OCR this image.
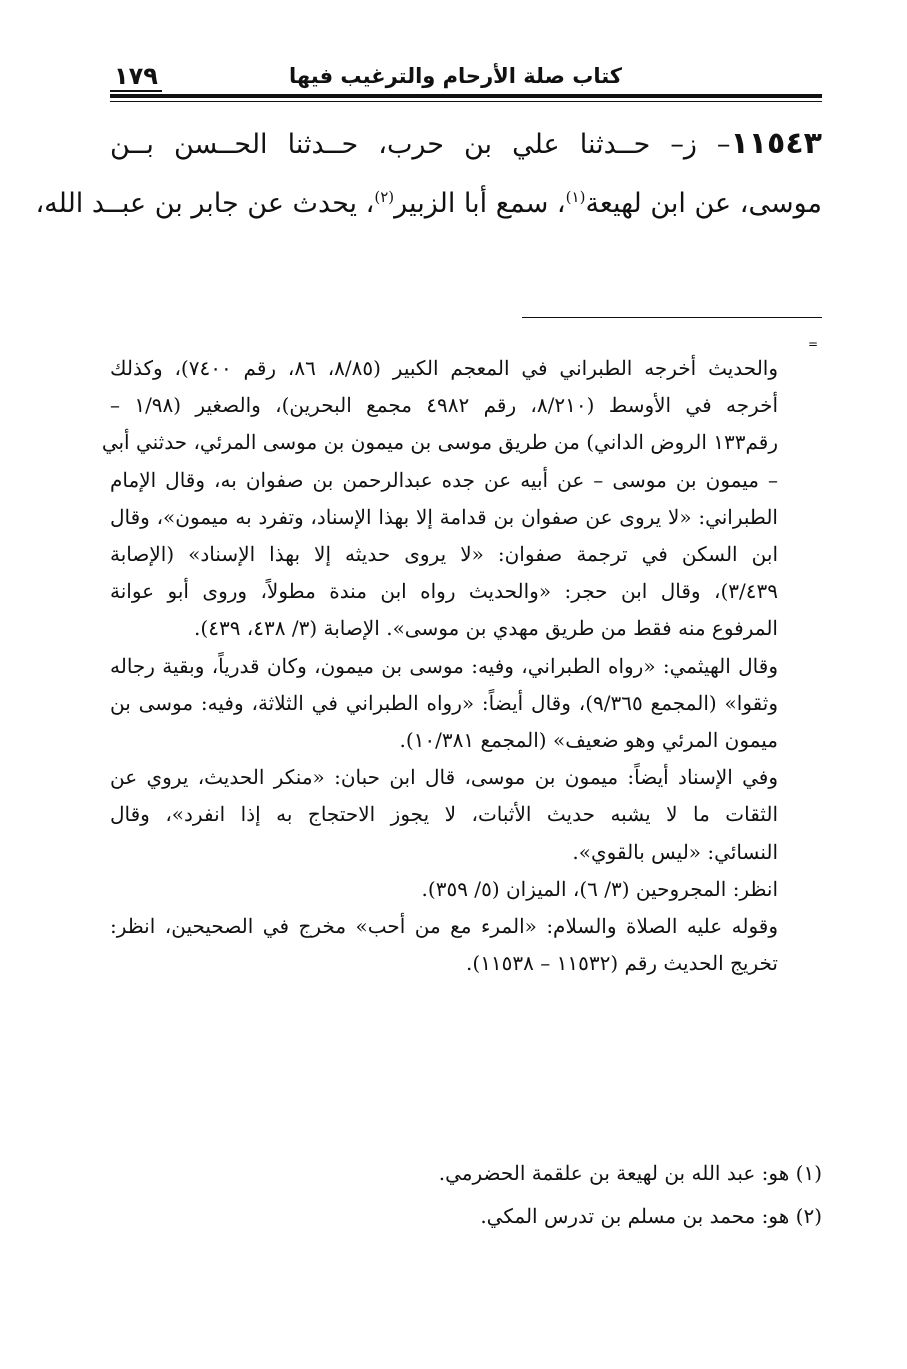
كتاب صلة الأرحام والترغيب فيها
١٧٩
١١٥٤٣– ز– حــدثنا علي بن حرب، حــدثنا الحــسن بــن
موسى، عن ابن لهيعة$^{(١)}$، سمع أبا الزبير$^{(٢)}$، يحدث عن جابر بن عبــد الله،
=
والحديث أخرجه الطبراني في المعجم الكبير (٨/٨٥، ٨٦، رقم ٧٤٠٠)، وكذلك
أخرجه في الأوسط (٨/٢١٠، رقم ٤٩٨٢ مجمع البحرين)، والصغير (١/٩٨ –
رقم١٣٣ الروض الداني) من طريق موسى بن ميمون بن موسى المرئي، حدثني أبي
– ميمون بن موسى – عن أبيه عن جده عبدالرحمن بن صفوان به، وقال الإمام
الطبراني: «لا يروى عن صفوان بن قدامة إلا بهذا الإسناد، وتفرد به ميمون»، وقال
ابن السكن في ترجمة صفوان: «لا يروى حديثه إلا بهذا الإسناد» (الإصابة
٣/٤٣٩)، وقال ابن حجر: «والحديث رواه ابن مندة مطولاً، وروى أبو عوانة
المرفوع منه فقط من طريق مهدي بن موسى». الإصابة (٣/ ٤٣٨، ٤٣٩).
وقال الهيثمي: «رواه الطبراني، وفيه: موسى بن ميمون، وكان قدرياً، وبقية رجاله
وثقوا» (المجمع ٩/٣٦٥)، وقال أيضاً: «رواه الطبراني في الثلاثة، وفيه: موسى بن
ميمون المرئي وهو ضعيف» (المجمع ١٠/٣٨١).
وفي الإسناد أيضاً: ميمون بن موسى، قال ابن حبان: «منكر الحديث، يروي عن
الثقات ما لا يشبه حديث الأثبات، لا يجوز الاحتجاج به إذا انفرد»، وقال
النسائي: «ليس بالقوي».
انظر: المجروحين (٣/ ٦)، الميزان (٥/ ٣٥٩).
وقوله عليه الصلاة والسلام: «المرء مع من أحب» مخرج في الصحيحين، انظر:
تخريج الحديث رقم (١١٥٣٢ – ١١٥٣٨).
(١) هو: عبد الله بن لهيعة بن علقمة الحضرمي.
(٢) هو: محمد بن مسلم بن تدرس المكي.
